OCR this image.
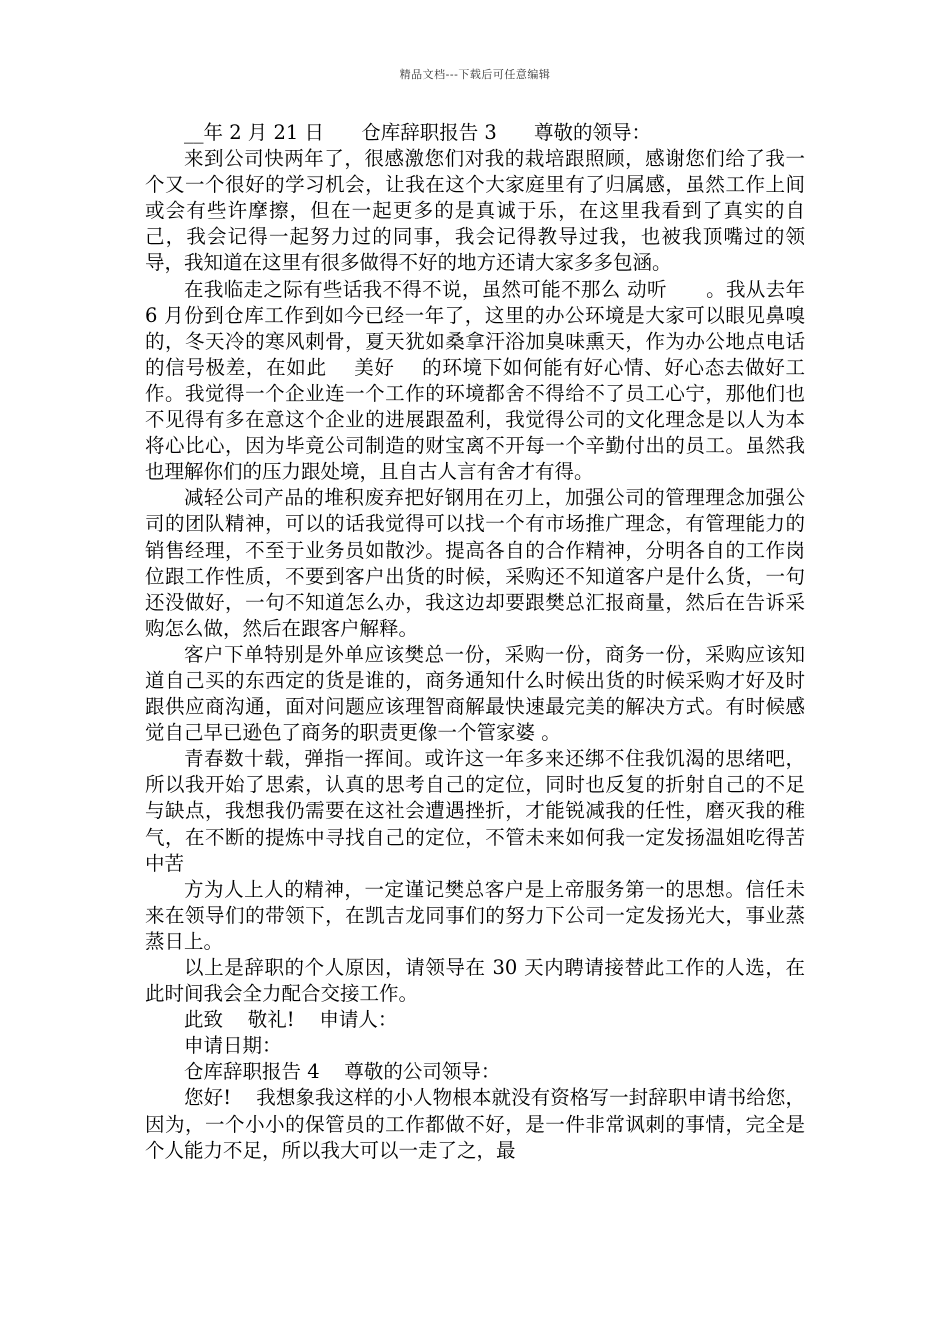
精品文档---下载后可任意编辑

__年 2 月 21 日      仓库辞职报告 3      尊敬的领导：

来到公司快两年了，很感激您们对我的栽培跟照顾，感谢您们给了我一个又一个很好的学习机会，让我在这个大家庭里有了归属感，虽然工作上间或会有些许摩擦，但在一起更多的是真诚于乐，在这里我看到了真实的自己，我会记得一起努力过的同事，我会记得教导过我，也被我顶嘴过的领导，我知道在这里有很多做得不好的地方还请大家多多包涵。

在我临走之际有些话我不得不说，虽然可能不那么 动听      。我从去年 6 月份到仓库工作到如今已经一年了，这里的办公环境是大家可以眼见鼻嗅的，冬天冷的寒风刺骨，夏天犹如桑拿汗浴加臭味熏天，作为办公地点电话的信号极差，在如此    美好    的环境下如何能有好心情、好心态去做好工作。我觉得一个企业连一个工作的环境都舍不得给不了员工心宁，那他们也不见得有多在意这个企业的进展跟盈利，我觉得公司的文化理念是以人为本将心比心，因为毕竟公司制造的财宝离不开每一个辛勤付出的员工。虽然我也理解你们的压力跟处境，且自古人言有舍才有得。

减轻公司产品的堆积废弃把好钢用在刃上，加强公司的管理理念加强公司的团队精神，可以的话我觉得可以找一个有市场推广理念，有管理能力的销售经理，不至于业务员如散沙。提高各自的合作精神，分明各自的工作岗位跟工作性质，不要到客户出货的时候，采购还不知道客户是什么货，一句还没做好，一句不知道怎么办，我这边却要跟樊总汇报商量，然后在告诉采购怎么做，然后在跟客户解释。

客户下单特别是外单应该樊总一份，采购一份，商务一份，采购应该知道自己买的东西定的货是谁的，商务通知什么时候出货的时候采购才好及时跟供应商沟通，面对问题应该理智商解最快速最完美的解决方式。有时候感觉自己早已逊色了商务的职责更像一个管家婆 。

青春数十载，弹指一挥间。或许这一年多来还绑不住我饥渴的思绪吧，所以我开始了思索，认真的思考自己的定位，同时也反复的折射自己的不足与缺点，我想我仍需要在这社会遭遇挫折，才能锐减我的任性，磨灭我的稚气，在不断的提炼中寻找自己的定位，不管未来如何我一定发扬温姐吃得苦中苦

方为人上人的精神，一定谨记樊总客户是上帝服务第一的思想。信任未来在领导们的带领下，在凯吉龙同事们的努力下公司一定发扬光大，事业蒸蒸日上。

以上是辞职的个人原因，请领导在 30 天内聘请接替此工作的人选，在此时间我会全力配合交接工作。

此致    敬礼!    申请人：

申请日期：

仓库辞职报告 4    尊敬的公司领导：

您好!    我想象我这样的小人物根本就没有资格写一封辞职申请书给您，因为，一个小小的保管员的工作都做不好，是一件非常讽刺的事情，完全是个人能力不足，所以我大可以一走了之，最
